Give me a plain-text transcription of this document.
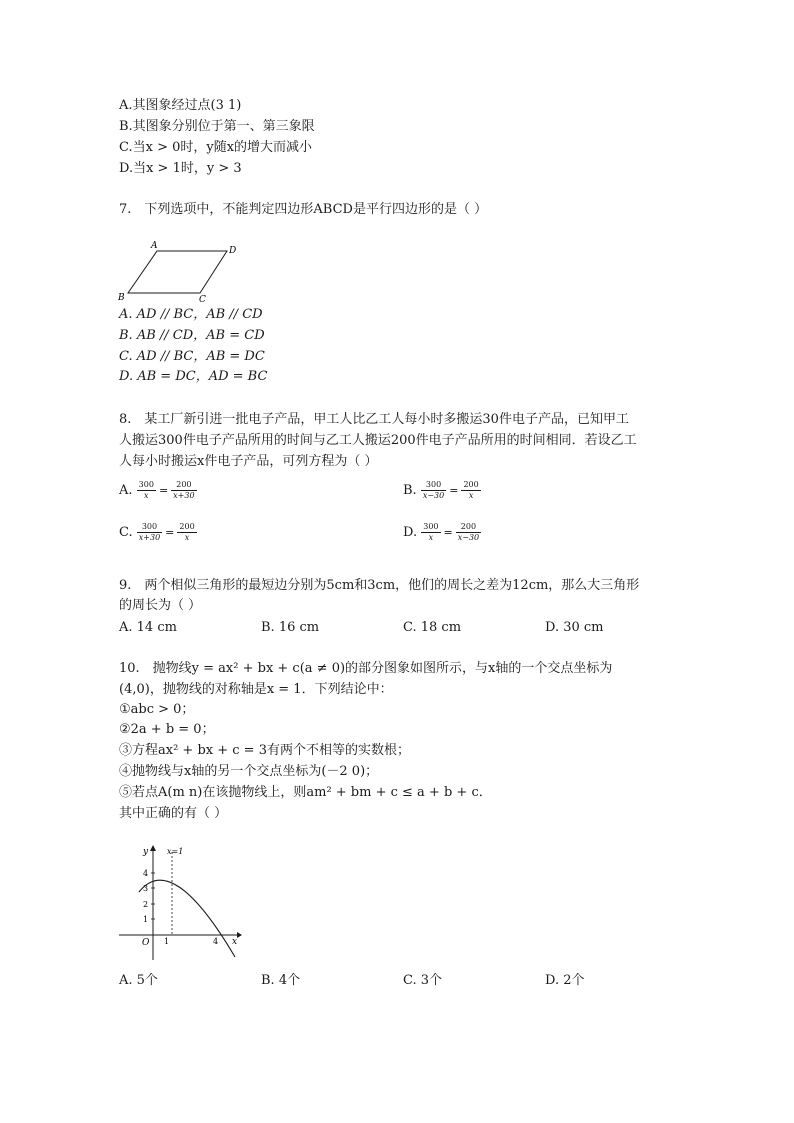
A.其图象经过点(3 1)
B.其图象分别位于第一、第三象限
C.当x > 0时，y随x的增大而减小
D.当x > 1时，y > 3
7.　下列选项中，不能判定四边形ABCD是平行四边形的是（ ）
A	D
B	C
A. AD // BC，AB // CD
B. AB // CD，AB = CD
C. AD // BC，AB = DC
D. AB = DC，AD = BC
8.　某工厂新引进一批电子产品，甲工人比乙工人每小时多搬运30件电子产品，已知甲工
人搬运300件电子产品所用的时间与乙工人搬运200件电子产品所用的时间相同．若设乙工
人每小时搬运x件电子产品，可列方程为（ ）
A. $\frac{300}{x} = \frac{200}{x+30}$	B. $\frac{300}{x-30} = \frac{200}{x}$
C. $\frac{300}{x+30} = \frac{200}{x}$	D. $\frac{300}{x} = \frac{200}{x-30}$
9.　两个相似三角形的最短边分别为5cm和3cm，他们的周长之差为12cm，那么大三角形
的周长为（ ）
A. 14 cm	B. 16 cm	C. 18 cm	D. 30 cm
10.　抛物线y = ax² + bx + c(a ≠ 0)的部分图象如图所示，与x轴的一个交点坐标为
(4,0)，抛物线的对称轴是x = 1．下列结论中：
①abc > 0；
②2a + b = 0；
③方程ax² + bx + c = 3有两个不相等的实数根；
④抛物线与x轴的另一个交点坐标为(－2 0)；
⑤若点A(m n)在该抛物线上，则am² + bm + c ≤ a + b + c．
其中正确的有（ ）
y
x
x=1
O
4
3
2
1
1	4
A. 5个	B. 4个	C. 3个	D. 2个
